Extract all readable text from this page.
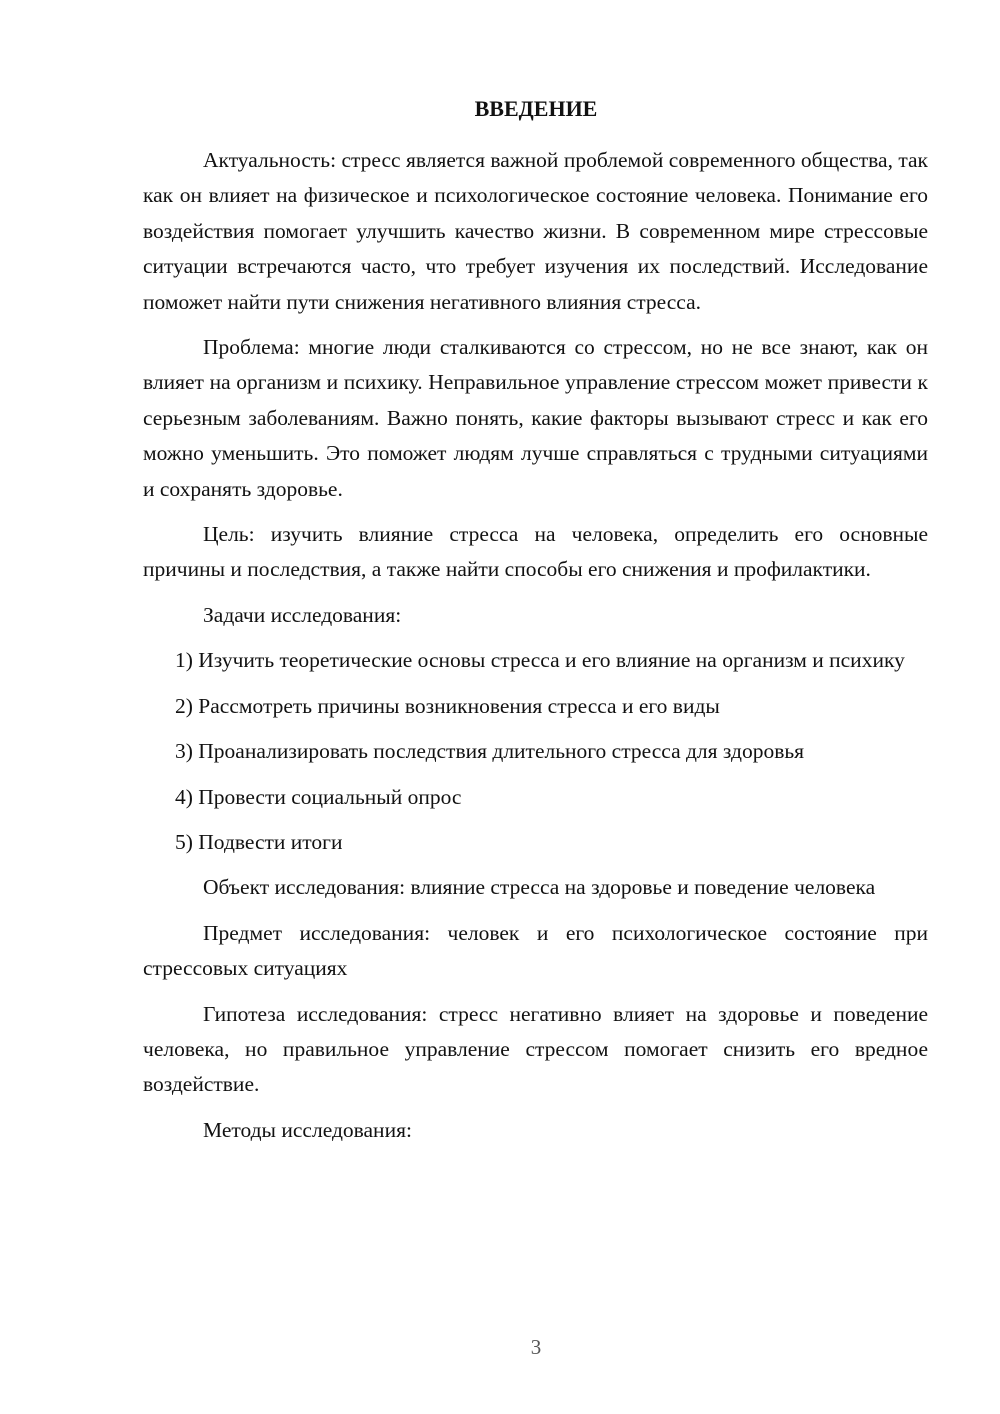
ВВЕДЕНИЕ

Актуальность: стресс является важной проблемой современного общества, так как он влияет на физическое и психологическое состояние человека. Понимание его воздействия помогает улучшить качество жизни. В современном мире стрессовые ситуации встречаются часто, что требует изучения их последствий. Исследование поможет найти пути снижения негативного влияния стресса.

Проблема: многие люди сталкиваются со стрессом, но не все знают, как он влияет на организм и психику. Неправильное управление стрессом может привести к серьезным заболеваниям. Важно понять, какие факторы вызывают стресс и как его можно уменьшить. Это поможет людям лучше справляться с трудными ситуациями и сохранять здоровье.

Цель: изучить влияние стресса на человека, определить его основные причины и последствия, а также найти способы его снижения и профилактики.

Задачи исследования:

1) Изучить теоретические основы стресса и его влияние на организм и психику

2) Рассмотреть причины возникновения стресса и его виды

3) Проанализировать последствия длительного стресса для здоровья

4) Провести социальный опрос

5) Подвести итоги

Объект исследования: влияние стресса на здоровье и поведение человека

Предмет исследования: человек и его психологическое состояние при стрессовых ситуациях

Гипотеза исследования: стресс негативно влияет на здоровье и поведение человека, но правильное управление стрессом помогает снизить его вредное воздействие.

Методы исследования:

3
